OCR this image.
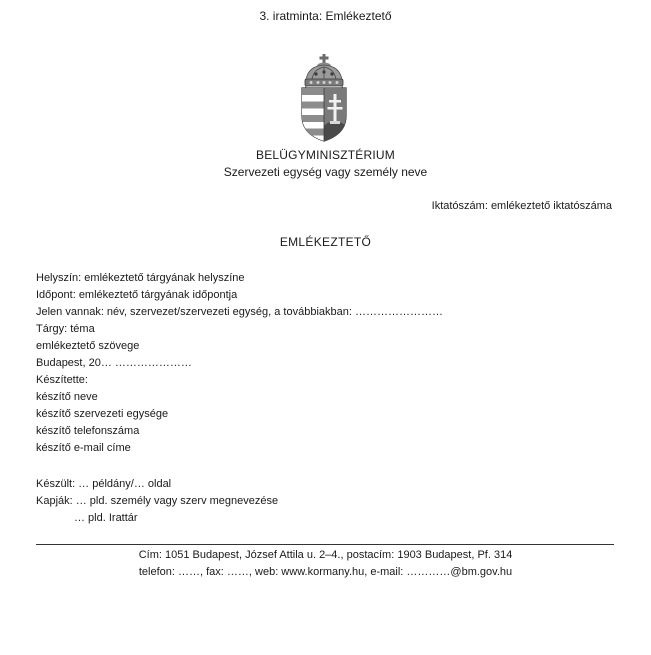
3. iratminta: Emlékeztető
BELÜGYMINISZTÉRIUM
Szervezeti egység vagy személy neve
Iktatószám: emlékeztető iktatószáma
EMLÉKEZTETŐ
Helyszín: emlékeztető tárgyának helyszíne
Időpont: emlékeztető tárgyának időpontja
Jelen vannak: név, szervezet/szervezeti egység, a továbbiakban: ……………………
Tárgy: téma
emlékeztető szövege
Budapest, 20… …………………
Készítette:
készítő neve
készítő szervezeti egysége
készítő telefonszáma
készítő e-mail címe
Készült: … példány/… oldal
Kapják: … pld. személy vagy szerv megnevezése
… pld. Irattár
Cím: 1051 Budapest, József Attila u. 2–4., postacím: 1903 Budapest, Pf. 314
telefon: ……, fax: ……, web: www.kormany.hu, e-mail: …………@bm.gov.hu
